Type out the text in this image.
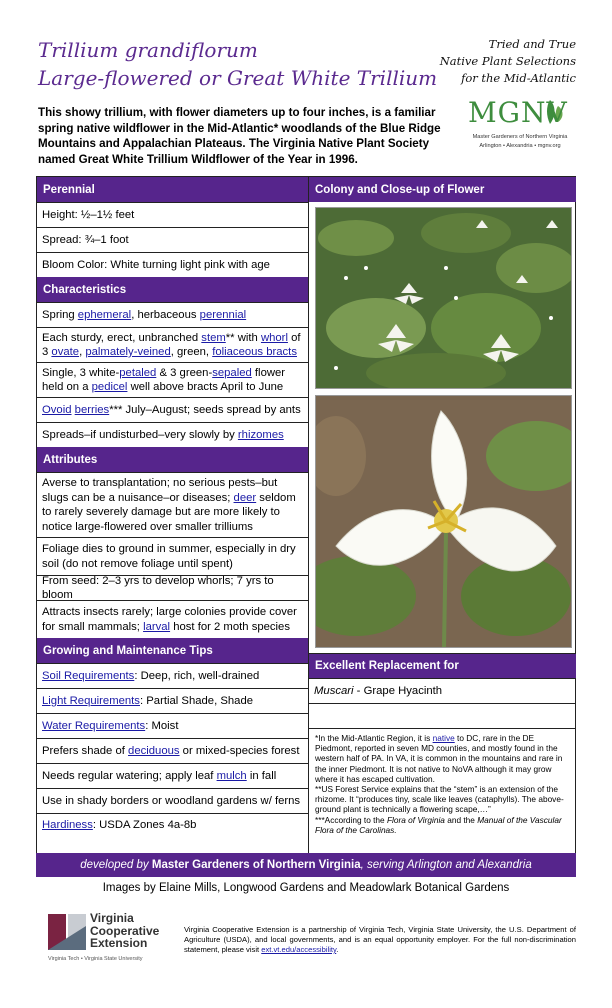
Trillium grandiflorum
Large-flowered or Great White Trillium
Tried and True
Native Plant Selections
for the Mid-Atlantic
This showy trillium, with flower diameters up to four inches, is a familiar spring native wildflower in the Mid-Atlantic* woodlands of the Blue Ridge Mountains and Appalachian Plateaus. The Virginia Native Plant Society named Great White Trillium Wildflower of the Year in 1996.
MGNV
Master Gardeners of Northern Virginia
Arlington • Alexandria • mgnv.org
Perennial
Height: ½–1½ feet
Spread: ¾–1 foot
Bloom Color: White turning light pink with age
Characteristics
Spring ephemeral, herbaceous perennial
Each sturdy, erect, unbranched stem** with whorl of 3 ovate, palmately-veined, green, foliaceous bracts
Single, 3 white-petaled & 3 green-sepaled flower held on a pedicel well above bracts April to June
Ovoid berries*** July–August; seeds spread by ants
Spreads–if undisturbed–very slowly by rhizomes
Attributes
Averse to transplantation; no serious pests–but slugs can be a nuisance–or diseases; deer seldom to rarely severely damage but are more likely to notice large-flowered over smaller trilliums
Foliage dies to ground in summer, especially in dry soil (do not remove foliage until spent)
From seed: 2–3 yrs to develop whorls; 7 yrs to bloom
Attracts insects rarely; large colonies provide cover for small mammals; larval host for 2 moth species
Growing and Maintenance Tips
Soil Requirements: Deep, rich, well-drained
Light Requirements: Partial Shade, Shade
Water Requirements: Moist
Prefers shade of deciduous or mixed-species forest
Needs regular watering; apply leaf mulch in fall
Use in shady borders or woodland gardens w/ ferns
Hardiness: USDA Zones 4a-8b
Colony and Close-up of Flower
Excellent Replacement for
Muscari - Grape Hyacinth
*In the Mid-Atlantic Region, it is native to DC, rare in the DE Piedmont, reported in seven MD counties, and mostly found in the western half of PA. In VA, it is common in the mountains and rare in the inner Piedmont. It is not native to NoVA although it may grow where it has escaped cultivation.
**US Forest Service explains that the “stem” is an extension of the rhizome. It “produces tiny, scale like leaves (cataphylls). The above-ground plant is technically a flowering scape,…”
***According to the Flora of Virginia and the Manual of the Vascular Flora of the Carolinas.
developed by
Master Gardeners of Northern Virginia , serving Arlington and Alexandria
Images by Elaine Mills, Longwood Gardens and Meadowlark Botanical Gardens
Virginia
Cooperative
Extension
Virginia Tech • Virginia State University
Virginia Cooperative Extension is a partnership of Virginia Tech, Virginia State University, the U.S. Department of Agriculture (USDA), and local governments, and is an equal opportunity employer. For the full non-discrimination statement, please visit ext.vt.edu/accessibility.
